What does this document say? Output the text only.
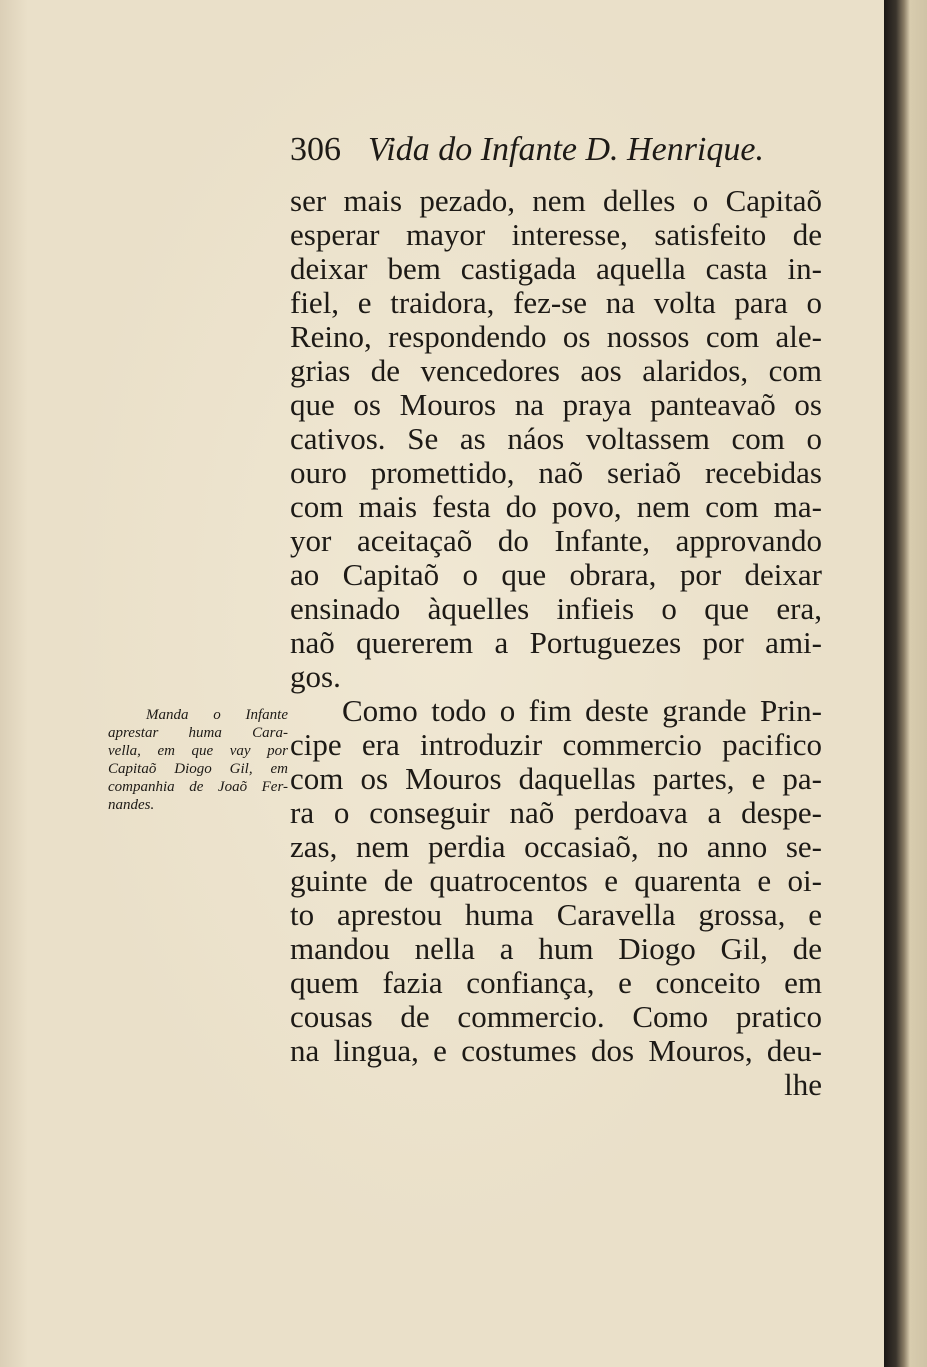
306 Vida do Infante D. Henrique.
Manda o Infante
aprestar huma Cara-
vella, em que vay por
Capitaõ Diogo Gil, em
companhia de Joaõ Fer-
nandes.
ser mais pezado, nem delles o Capitaõ
esperar mayor interesse, satisfeito de
deixar bem castigada aquella casta in-
fiel, e traidora, fez-se na volta para o
Reino, respondendo os nossos com ale-
grias de vencedores aos alaridos, com
que os Mouros na praya panteavaõ os
cativos. Se as náos voltassem com o
ouro promettido, naõ seriaõ recebidas
com mais festa do povo, nem com ma-
yor aceitaçaõ do Infante, approvando
ao Capitaõ o que obrara, por deixar
ensinado àquelles infieis o que era,
naõ quererem a Portuguezes por ami-
gos.
Como todo o fim deste grande Prin-
cipe era introduzir commercio pacifico
com os Mouros daquellas partes, e pa-
ra o conseguir naõ perdoava a despe-
zas, nem perdia occasiaõ, no anno se-
guinte de quatrocentos e quarenta e oi-
to aprestou huma Caravella grossa, e
mandou nella a hum Diogo Gil, de
quem fazia confiança, e conceito em
cousas de commercio. Como pratico
na lingua, e costumes dos Mouros, deu-
lhe
